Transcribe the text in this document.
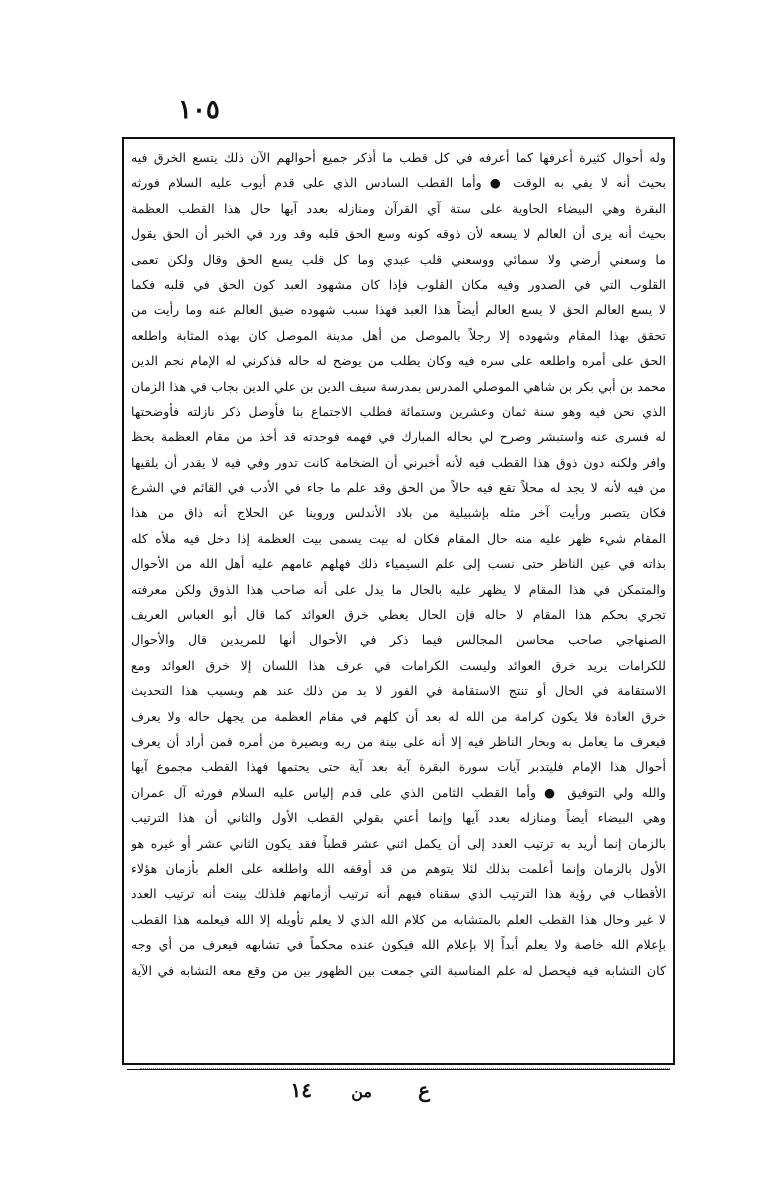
١٠٥
وله أحوال كثيرة أعرفها كما أعرفه في كل قطب ما أذكر جميع أحوالهم الآن ذلك يتسع الخرق فيه
بحيث أنه لا يفي به الوقت ● وأما القطب السادس الذي على قدم أيوب عليه السلام فورثه
البقرة وهي البيضاء الحاوية على ستة آي القرآن ومنازله بعدد آيها حال هذا القطب العظمة
بحيث أنه يرى أن العالم لا يسعه لأن ذوقه كونه وسع الحق قلبه وقد ورد في الخبر أن الحق يقول
ما وسعني أرضي ولا سمائي ووسعني قلب عبدي وما كل قلب يسع الحق وقال ولكن تعمى
القلوب التي في الصدور وفيه مكان القلوب فإذا كان مشهود العبد كون الحق في قلبه فكما
لا يسع العالم الحق لا يسع العالم أيضاً هذا العبد فهذا سبب شهوده ضيق العالم عنه وما رأيت من
تحقق بهذا المقام وشهوده إلا رجلاً بالموصل من أهل مدينة الموصل كان بهذه المثابة واطلعه
الحق على أمره واطلعه على سره فيه وكان يطلب من يوضح له حاله فذكرني له الإمام نجم الدين
محمد بن أبي بكر بن شاهي الموصلي المدرس بمدرسة سيف الدين بن علي الدين بجاب في هذا الزمان
الذي نحن فيه وهو سنة ثمان وعشرين وستمائة فطلب الاجتماع بنا فأوصل ذكر نازلته فأوضحتها
له فسرى عنه واستبشر وصرح لي بحاله المبارك في فهمه فوجدته قد أخذ من مقام العظمة بحظ
وافر ولكنه دون ذوق هذا القطب فيه لأنه أخبرني أن الضخامة كانت تدور وفي فيه لا يقدر أن يلقيها
من فيه لأنه لا يجد له محلاً تقع فيه حالاً من الحق وقد علم ما جاء في الأدب في القائم في الشرع
فكان يتصبر ورأيت آخر مثله بإشبيلية من بلاد الأندلس وروينا عن الحلاج أنه ذاق من هذا
المقام شيء ظهر عليه منه حال المقام فكان له بيت يسمى بيت العظمة إذا دخل فيه ملأه كله
بذاته في عين الناظر حتى نسب إلى علم السيمياء ذلك فهلهم عامهم عليه أهل الله من الأحوال
والمتمكن في هذا المقام لا يظهر عليه بالحال ما يدل على أنه صاحب هذا الذوق ولكن معرفته
تجري بحكم هذا المقام لا حاله فإن الحال يعطي خرق العوائد كما قال أبو العباس العريف
الصنهاجي صاحب محاسن المجالس فيما ذكر في الأحوال أنها للمريدين قال والأحوال
للكرامات يريد خرق العوائد وليست الكرامات في عرف هذا اللسان إلا خرق العوائد ومع
الاستقامة في الحال أو تنتج الاستقامة في الفور لا بد من ذلك عند هم وبسبب هذا التحديث
خرق العادة فلا يكون كرامة من الله له بعد أن كلهم في مقام العظمة من يجهل حاله ولا يعرف
فيعرف ما يعامل به وبحار الناظر فيه إلا أنه على بينة من ربه وبصيرة من أمره فمن أراد أن يعرف
أحوال هذا الإمام فليتدبر آيات سورة البقرة آية بعد آية حتى يحتمها فهذا القطب مجموع آيها
والله ولي التوفيق ● وأما القطب الثامن الذي على قدم إلياس عليه السلام فورثه آل عمران
وهي البيضاء أيضاً ومنازله بعدد آيها وإنما أعني بقولي القطب الأول والثاني أن هذا الترتيب
بالزمان إنما أريد به ترتيب العدد إلى أن يكمل اثني عشر قطباً فقد يكون الثاني عشر أو غيره هو
الأول بالزمان وإنما أعلمت بذلك لئلا يتوهم من قد أوقفه الله واطلعه على العلم بأزمان هؤلاء
الأقطاب في رؤية هذا الترتيب الذي سقناه فيهم أنه ترتيب أزمانهم فلذلك بينت أنه ترتيب العدد
لا غير وحال هذا القطب العلم بالمتشابه من كلام الله الذي لا يعلم تأويله إلا الله فيعلمه هذا القطب
بإعلام الله خاصة ولا يعلم أبداً إلا بإعلام الله فيكون عنده محكماً في تشابهه فيعرف من أي وجه
كان التشابه فيه فيحصل له علم المناسبة التي جمعت بين الظهور بين من وقع معه التشابه في الآية
ع
من
١٤
